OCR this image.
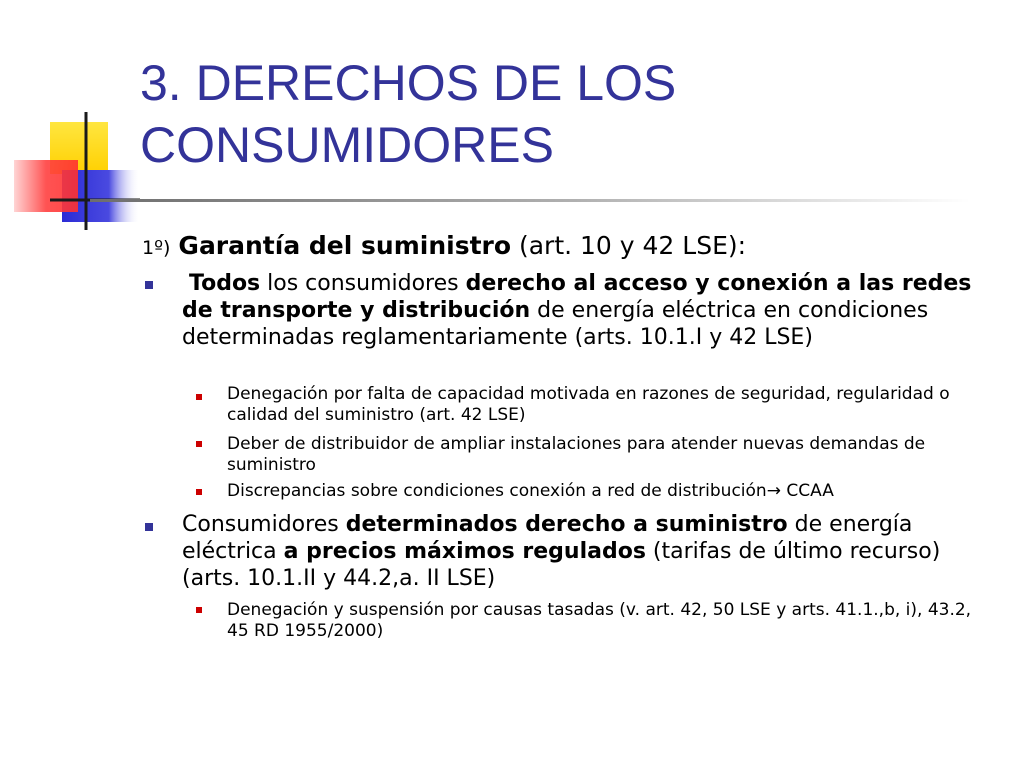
3. DERECHOS DE LOS
CONSUMIDORES
1º) Garantía del suministro (art. 10 y 42 LSE):
Todos los consumidores derecho al acceso y conexión a las redes de transporte y distribución de energía eléctrica en condiciones determinadas reglamentariamente (arts. 10.1.I y 42 LSE)
Denegación por falta de capacidad motivada en razones de seguridad, regularidad o calidad del suministro (art. 42 LSE)
Deber de distribuidor de ampliar instalaciones para atender nuevas demandas de suministro
Discrepancias sobre condiciones conexión a red de distribución→ CCAA
Consumidores determinados derecho a suministro de energía eléctrica a precios máximos regulados (tarifas de último recurso) (arts. 10.1.II y 44.2,a. II LSE)
Denegación y suspensión por causas tasadas (v. art. 42, 50 LSE y arts. 41.1.,b, i), 43.2, 45 RD 1955/2000)
